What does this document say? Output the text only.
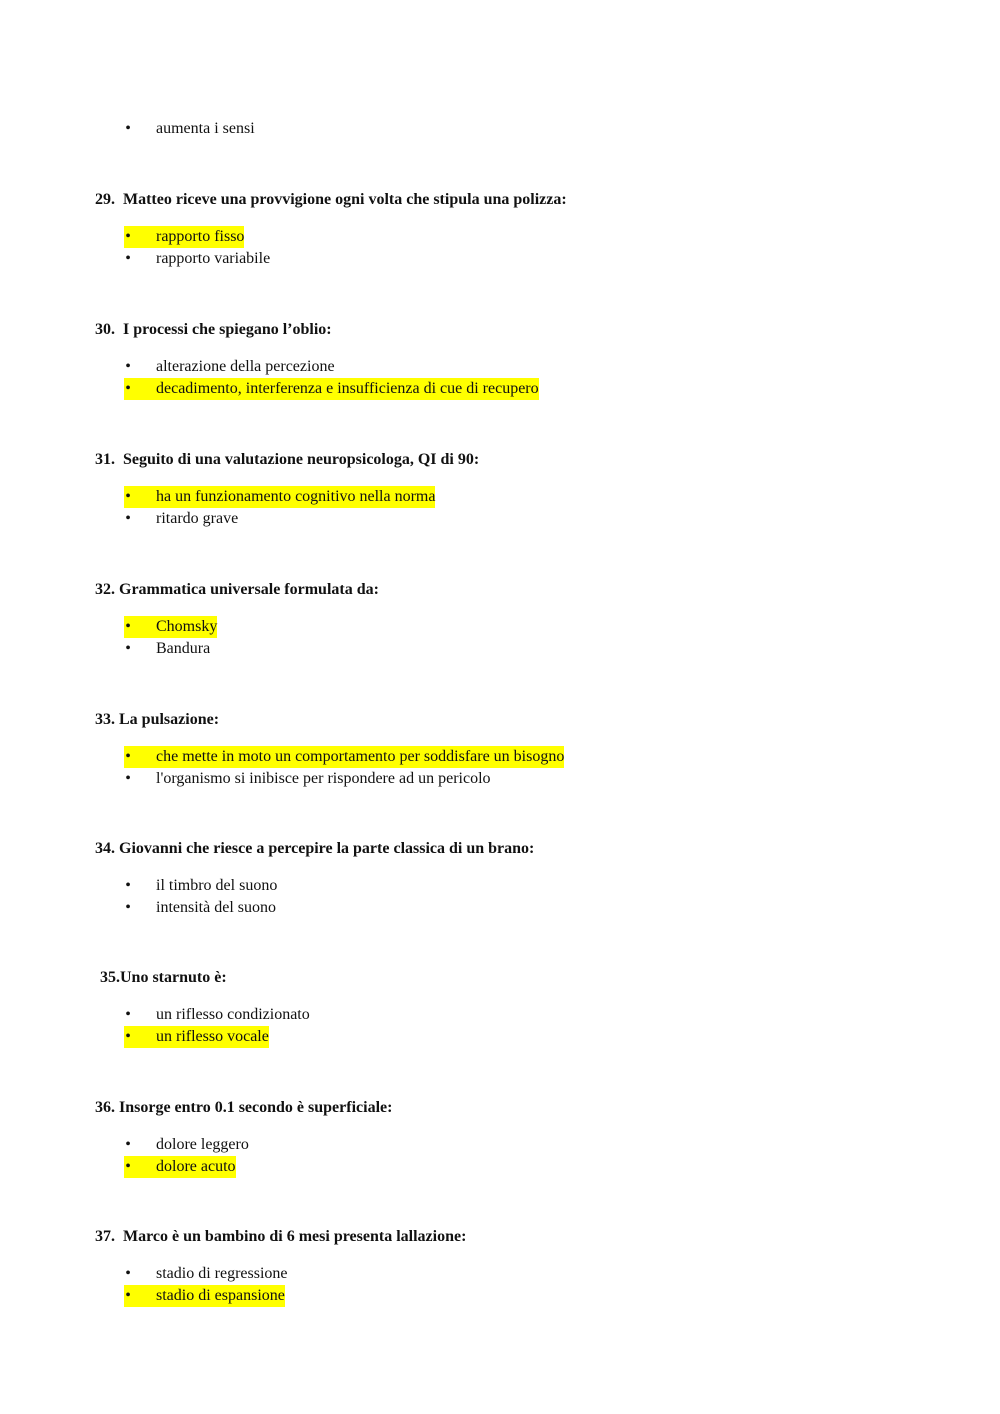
• aumenta i sensi
29. Matteo riceve una provvigione ogni volta che stipula una polizza:
• rapporto fisso
• rapporto variabile
30. I processi che spiegano l’oblio:
• alterazione della percezione
• decadimento, interferenza e insufficienza di cue di recupero
31. Seguito di una valutazione neuropsicologa, QI di 90:
• ha un funzionamento cognitivo nella norma
• ritardo grave
32. Grammatica universale formulata da:
• Chomsky
• Bandura
33. La pulsazione:
• che mette in moto un comportamento per soddisfare un bisogno
• l'organismo si inibisce per rispondere ad un pericolo
34. Giovanni che riesce a percepire la parte classica di un brano:
• il timbro del suono
• intensità del suono
35.Uno starnuto è:
• un riflesso condizionato
• un riflesso vocale
36. Insorge entro 0.1 secondo è superficiale:
• dolore leggero
• dolore acuto
37. Marco è un bambino di 6 mesi presenta lallazione:
• stadio di regressione
• stadio di espansione
